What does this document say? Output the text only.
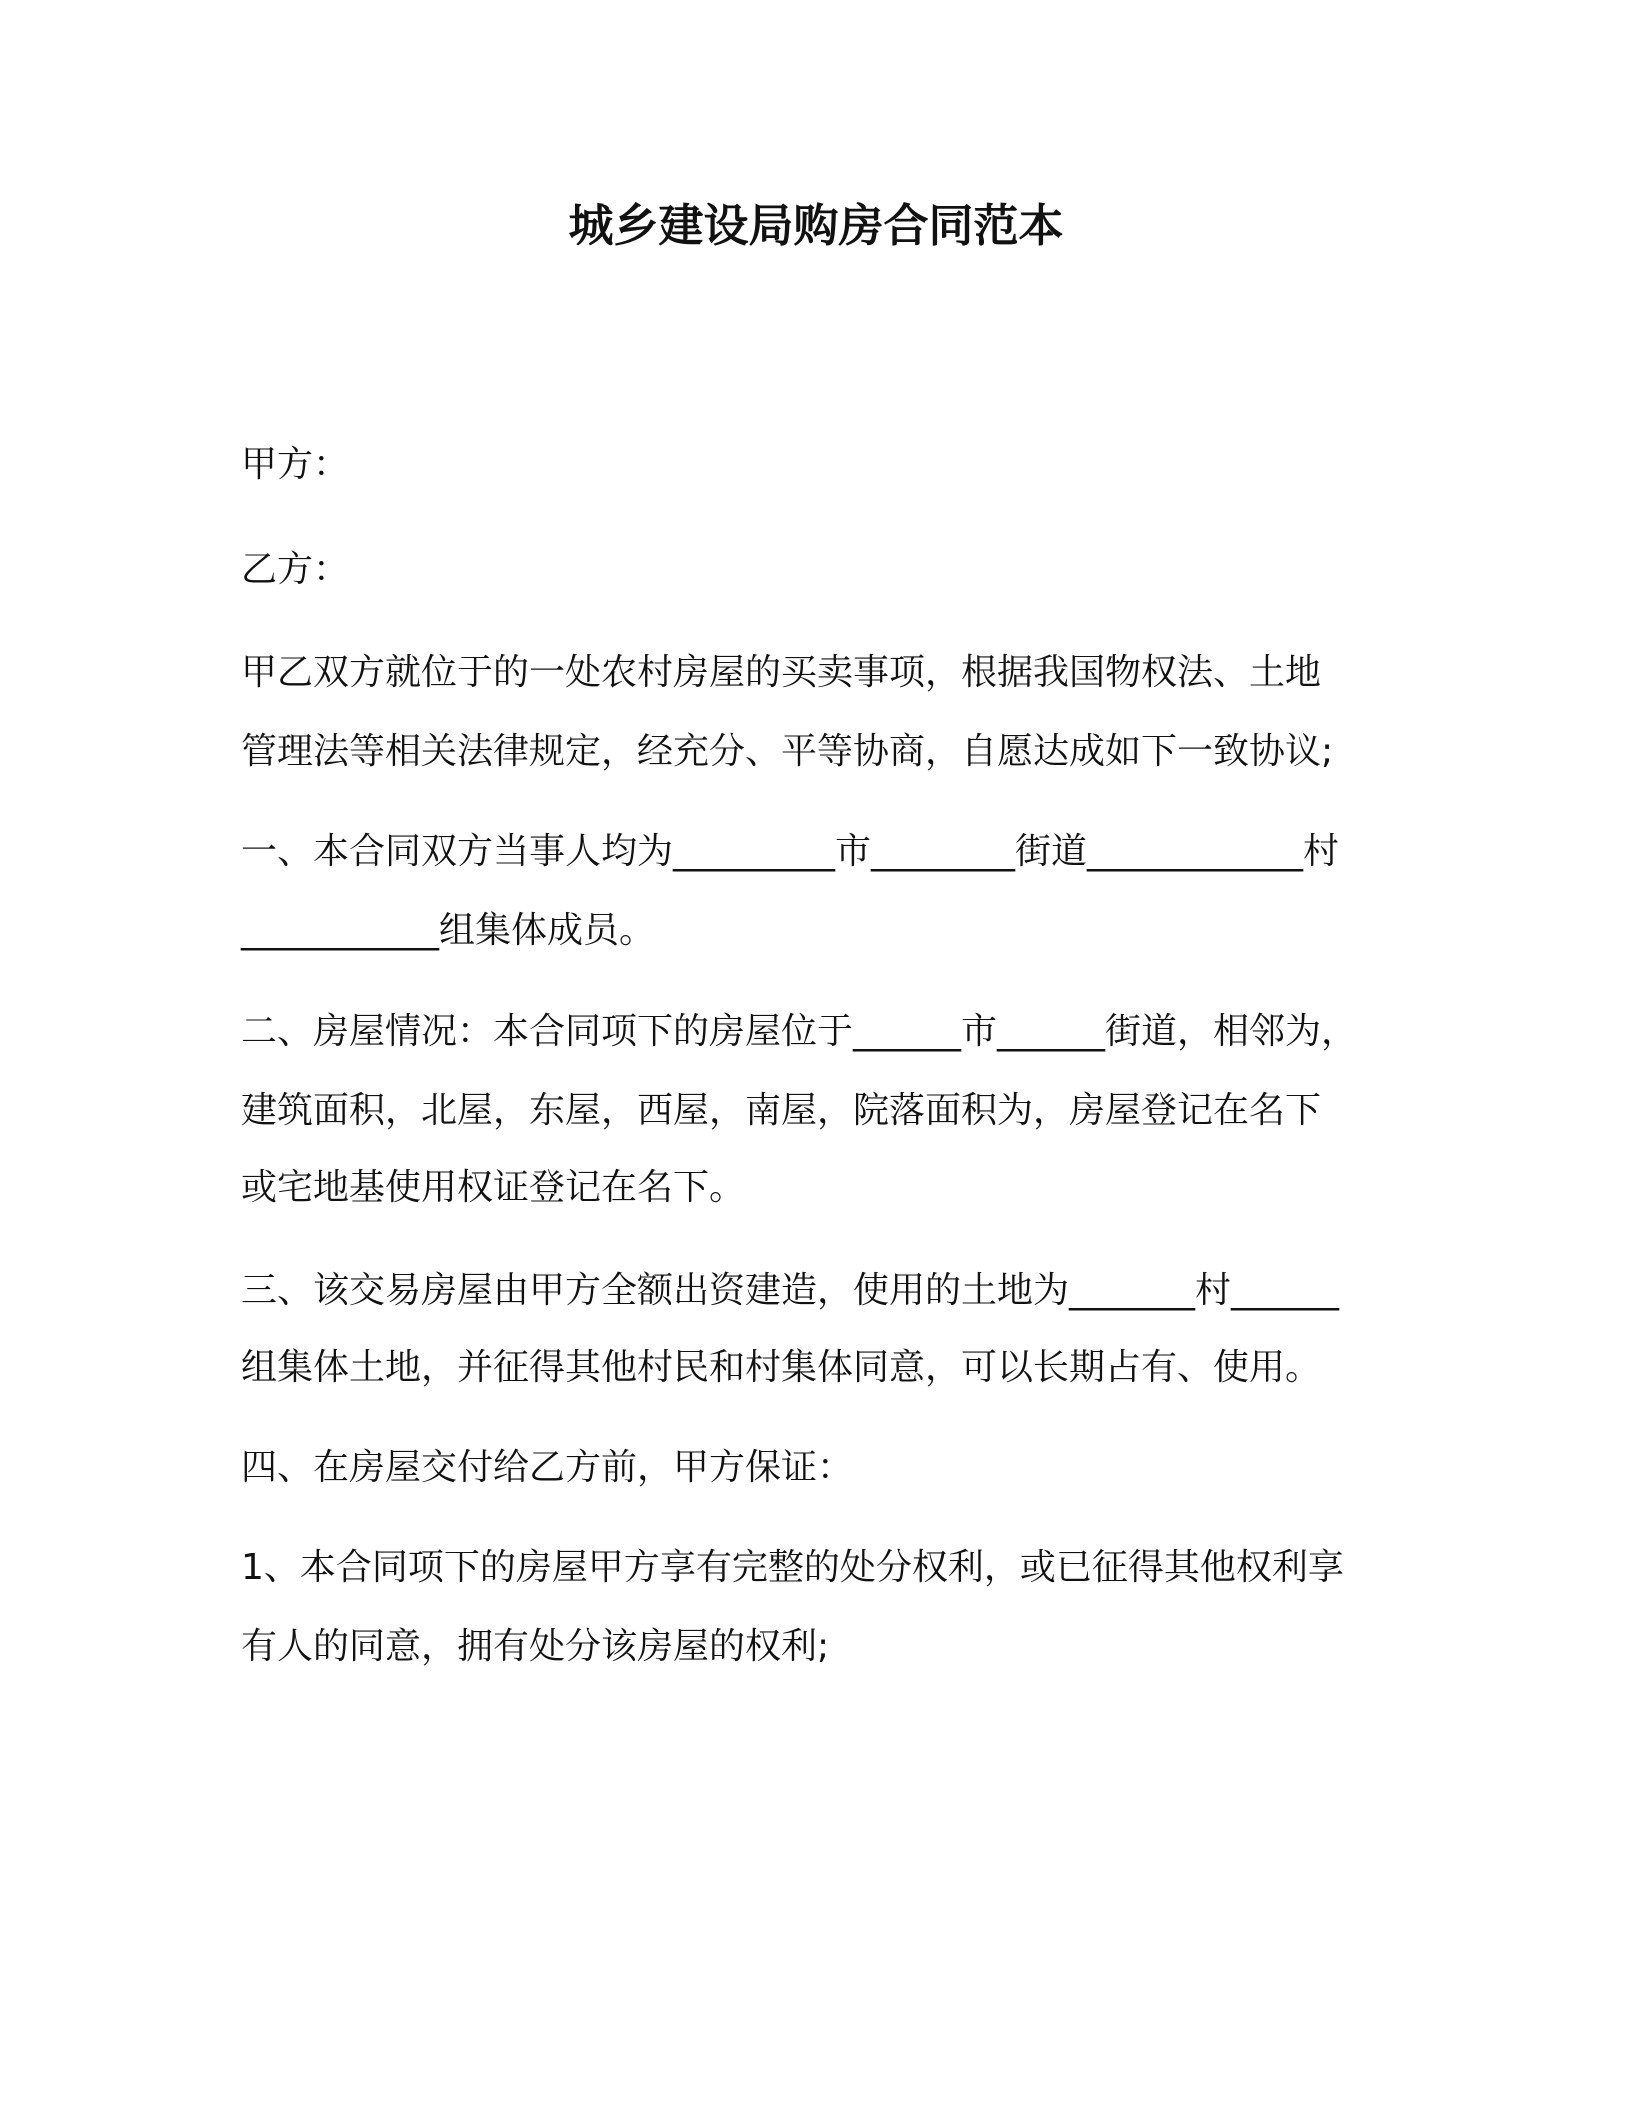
城乡建设局购房合同范本
甲方：
乙方：
甲乙双方就位于的一处农村房屋的买卖事项，根据我国物权法、土地
管理法等相关法律规定，经充分、平等协商，自愿达成如下一致协议;
一、本合同双方当事人均为_________市________街道____________村
___________组集体成员。
二、房屋情况：本合同项下的房屋位于______市______街道，相邻为，
建筑面积，北屋，东屋，西屋，南屋，院落面积为，房屋登记在名下
或宅地基使用权证登记在名下。
三、该交易房屋由甲方全额出资建造，使用的土地为_______村______
组集体土地，并征得其他村民和村集体同意，可以长期占有、使用。
四、在房屋交付给乙方前，甲方保证：
1、本合同项下的房屋甲方享有完整的处分权利，或已征得其他权利享
有人的同意，拥有处分该房屋的权利;
